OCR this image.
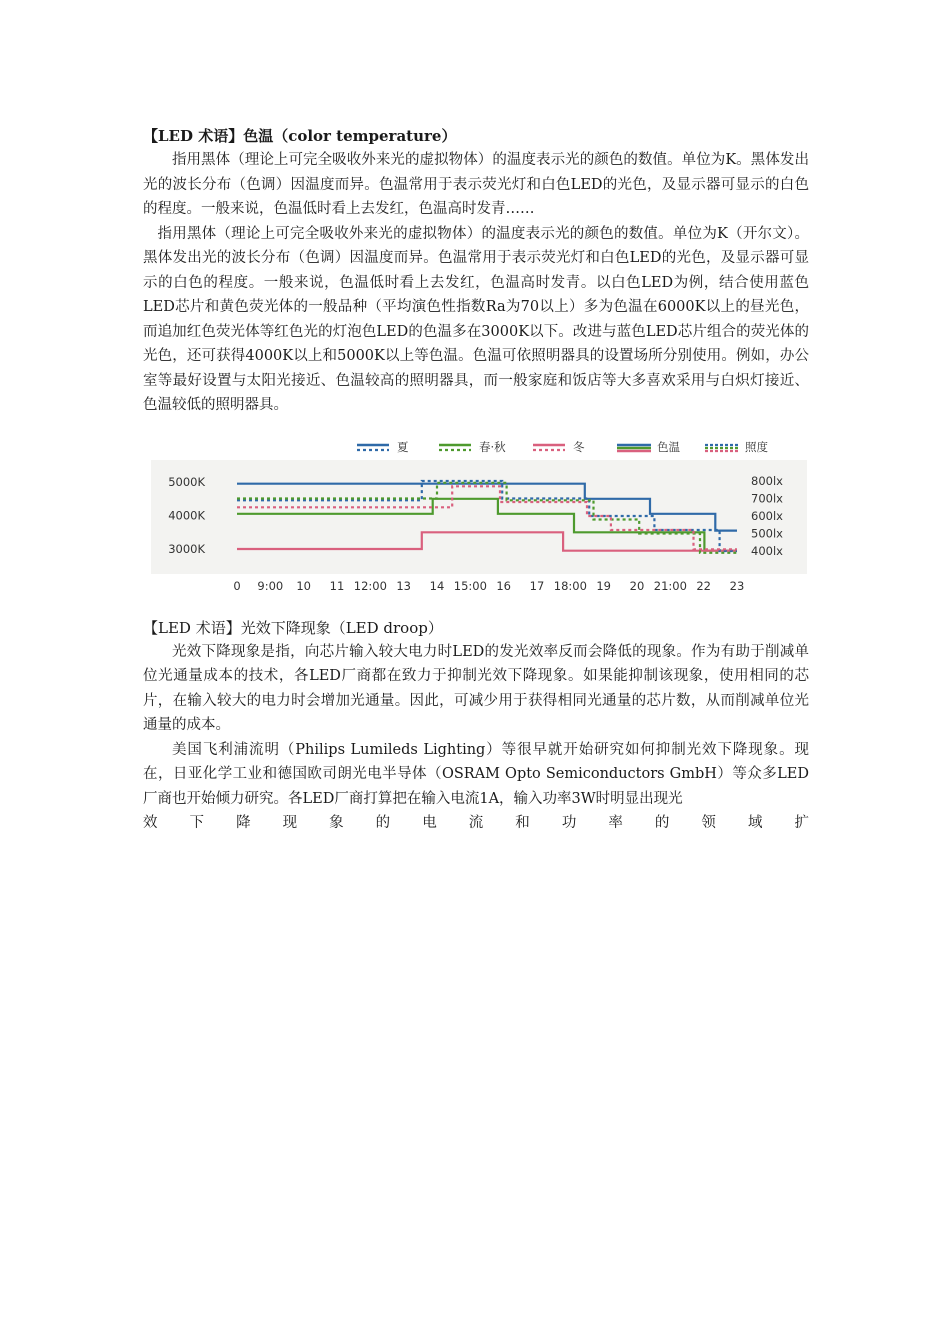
【LED 术语】色温（color temperature）

指用黑体（理论上可完全吸收外来光的虚拟物体）的温度表示光的颜色的数值。单位为K。黑体发出光的波长分布（色调）因温度而异。色温常用于表示荧光灯和白色LED的光色，及显示器可显示的白色的程度。一般来说，色温低时看上去发红，色温高时发青……

指用黑体（理论上可完全吸收外来光的虚拟物体）的温度表示光的颜色的数值。单位为K（开尔文）。黑体发出光的波长分布（色调）因温度而异。色温常用于表示荧光灯和白色LED的光色，及显示器可显示的白色的程度。一般来说，色温低时看上去发红，色温高时发青。以白色LED为例，结合使用蓝色LED芯片和黄色荧光体的一般品种（平均演色性指数Ra为70以上）多为色温在6000K以上的昼光色，而追加红色荧光体等红色光的灯泡色LED的色温多在3000K以下。改进与蓝色LED芯片组合的荧光体的光色，还可获得4000K以上和5000K以上等色温。色温可依照明器具的设置场所分别使用。例如，办公室等最好设置与太阳光接近、色温较高的照明器具，而一般家庭和饭店等大多喜欢采用与白炽灯接近、色温较低的照明器具。

5000K
4000K
3000K
800lx
700lx
600lx
500lx
400lx
0 9:00 10 11 12:00 13 14 15:00 16 17 18:00 19 20 21:00 22 23
夏	春·秋	冬	色温	照度

【LED 术语】光效下降现象（LED droop）

光效下降现象是指，向芯片输入较大电力时LED的发光效率反而会降低的现象。作为有助于削减单位光通量成本的技术，各LED厂商都在致力于抑制光效下降现象。如果能抑制该现象，使用相同的芯片，在输入较大的电力时会增加光通量。因此，可减少用于获得相同光通量的芯片数，从而削减单位光通量的成本。

美国飞利浦流明（Philips Lumileds Lighting）等很早就开始研究如何抑制光效下降现象。现在，日亚化学工业和德国欧司朗光电半导体（OSRAM Opto Semiconductors GmbH）等众多LED厂商也开始倾力研究。各LED厂商打算把在输入电流1A，输入功率3W时明显出现光

效　下　降　现　象　的　电　流　和　功　率　的　领　域　扩
